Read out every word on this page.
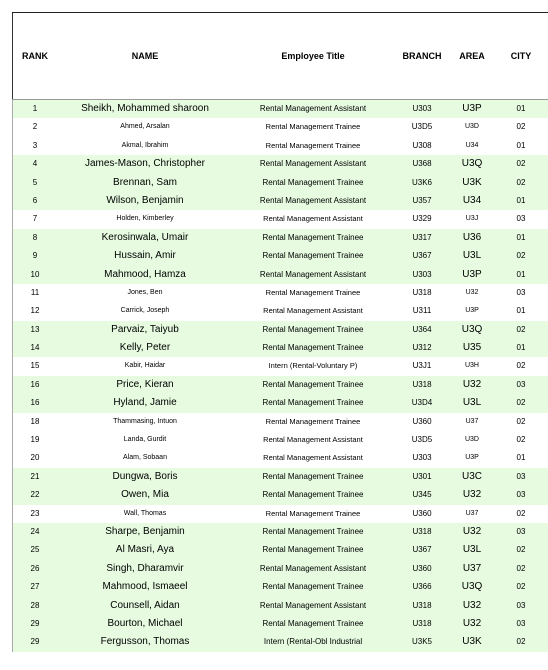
RANK	NAME	Employee Title	BRANCH	AREA	CITY
1	Sheikh, Mohammed sharoon	Rental Management Assistant	U303	U3P	01
2	Ahmed, Arsalan	Rental Management Trainee	U3D5	U3D	02
3	Akmal, Ibrahim	Rental Management Trainee	U308	U34	01
4	James-Mason, Christopher	Rental Management Assistant	U368	U3Q	02
5	Brennan, Sam	Rental Management Trainee	U3K6	U3K	02
6	Wilson, Benjamin	Rental Management Assistant	U357	U34	01
7	Holden, Kimberley	Rental Management Assistant	U329	U3J	03
8	Kerosinwala, Umair	Rental Management Trainee	U317	U36	01
9	Hussain, Amir	Rental Management Trainee	U367	U3L	02
10	Mahmood, Hamza	Rental Management Assistant	U303	U3P	01
11	Jones, Ben	Rental Management Trainee	U318	U32	03
12	Carrick, Joseph	Rental Management Assistant	U311	U3P	01
13	Parvaiz, Taiyub	Rental Management Trainee	U364	U3Q	02
14	Kelly, Peter	Rental Management Trainee	U312	U35	01
15	Kabir, Haidar	Intern (Rental-Voluntary P)	U3J1	U3H	02
16	Price, Kieran	Rental Management Trainee	U318	U32	03
16	Hyland, Jamie	Rental Management Trainee	U3D4	U3L	02
18	Thammasing, Intuon	Rental Management Trainee	U360	U37	02
19	Landa, Gurdit	Rental Management Assistant	U3D5	U3D	02
20	Alam, Sobaan	Rental Management Assistant	U303	U3P	01
21	Dungwa, Boris	Rental Management Trainee	U301	U3C	03
22	Owen, Mia	Rental Management Trainee	U345	U32	03
23	Wall, Thomas	Rental Management Trainee	U360	U37	02
24	Sharpe, Benjamin	Rental Management Trainee	U318	U32	03
25	Al Masri, Aya	Rental Management Trainee	U367	U3L	02
26	Singh, Dharamvir	Rental Management Assistant	U360	U37	02
27	Mahmood, Ismaeel	Rental Management Trainee	U366	U3Q	02
28	Counsell, Aidan	Rental Management Assistant	U318	U32	03
29	Bourton, Michael	Rental Management Trainee	U318	U32	03
29	Fergusson, Thomas	Intern (Rental-Obl Industrial	U3K5	U3K	02
